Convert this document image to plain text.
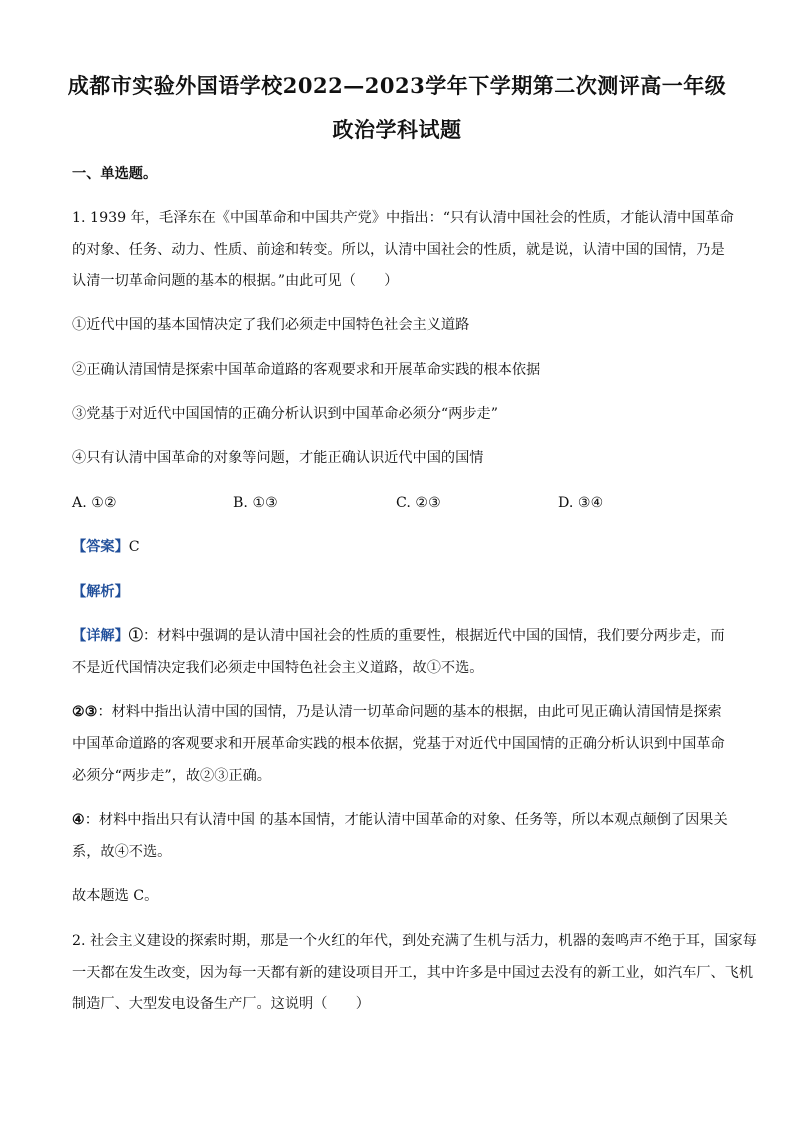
成都市实验外国语学校2022—2023学年下学期第二次测评高一年级
政治学科试题
一、单选题。
1. 1939 年，毛泽东在《中国革命和中国共产党》中指出：“只有认清中国社会的性质，才能认清中国革命
的对象、任务、动力、性质、前途和转变。所以，认清中国社会的性质，就是说，认清中国的国情，乃是
认清一切革命问题的基本的根据。”由此可见（　　）
①近代中国的基本国情决定了我们必须走中国特色社会主义道路
②正确认清国情是探索中国革命道路的客观要求和开展革命实践的根本依据
③党基于对近代中国国情的正确分析认识到中国革命必须分“两步走”
④只有认清中国革命的对象等问题，才能正确认识近代中国的国情
A. ①②	B. ①③	C. ②③	D. ③④
【答案】C
【解析】
【详解】①：材料中强调的是认清中国社会的性质的重要性，根据近代中国的国情，我们要分两步走，而
不是近代国情决定我们必须走中国特色社会主义道路，故①不选。
②③：材料中指出认清中国的国情，乃是认清一切革命问题的基本的根据，由此可见正确认清国情是探索
中国革命道路的客观要求和开展革命实践的根本依据，党基于对近代中国国情的正确分析认识到中国革命
必须分“两步走”，故②③正确。
④：材料中指出只有认清中国 的基本国情，才能认清中国革命的对象、任务等，所以本观点颠倒了因果关
系，故④不选。
故本题选 C。
2. 社会主义建设的探索时期，那是一个火红的年代，到处充满了生机与活力，机器的轰鸣声不绝于耳，国家每
一天都在发生改变，因为每一天都有新的建设项目开工，其中许多是中国过去没有的新工业，如汽车厂、飞机
制造厂、大型发电设备生产厂。这说明（　　）
